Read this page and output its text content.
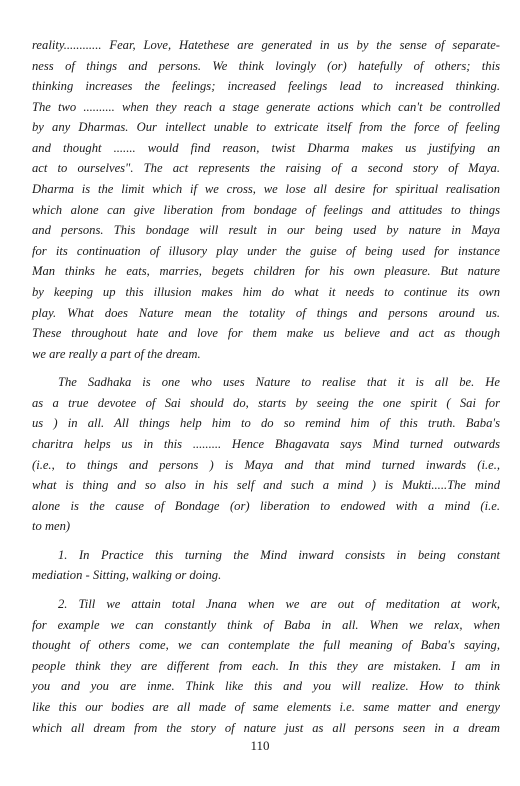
reality............ Fear, Love, Hatethese are generated in us by the sense of separate-
ness of things and persons. We think lovingly (or) hatefully of others; this
thinking increases the feelings; increased feelings lead to increased thinking.
The two .......... when they reach a stage generate actions which can't be controlled
by any Dharmas. Our intellect unable to extricate itself from the force of feeling
and thought ....... would find reason, twist Dharma makes us justifying an
act to ourselves". The act represents the raising of a second story of Maya.
Dharma is the limit which if we cross, we lose all desire for spiritual realisation
which alone can give liberation from bondage of feelings and attitudes to things
and persons. This bondage will result in our being used by nature in Maya
for its continuation of illusory play under the guise of being used for instance
Man thinks he eats, marries, begets children for his own pleasure. But nature
by keeping up this illusion makes him do what it needs to continue its own
play. What does Nature mean the totality of things and persons around us.
These throughout hate and love for them make us believe and act as though
we are really a part of the dream.
The Sadhaka is one who uses Nature to realise that it is all be. He
as a true devotee of Sai should do, starts by seeing the one spirit ( Sai for
us ) in all. All things help him to do so remind him of this truth. Baba's
charitra helps us in this ......... Hence Bhagavata says Mind turned outwards
(i.e., to things and persons ) is Maya and that mind turned inwards (i.e.,
what is thing and so also in his self and such a mind ) is Mukti.....The mind
alone is the cause of Bondage (or) liberation to endowed with a mind (i.e.
to men)
1. In Practice this turning the Mind inward consists in being constant
mediation - Sitting, walking or doing.
2. Till we attain total Jnana when we are out of meditation at work,
for example we can constantly think of Baba in all. When we relax, when
thought of others come, we can contemplate the full meaning of Baba's saying,
people think they are different from each. In this they are mistaken. I am in
you and you are inme. Think like this and you will realize. How to think
like this our bodies are all made of same elements i.e. same matter and energy
which all dream from the story of nature just as all persons seen in a dream
110
